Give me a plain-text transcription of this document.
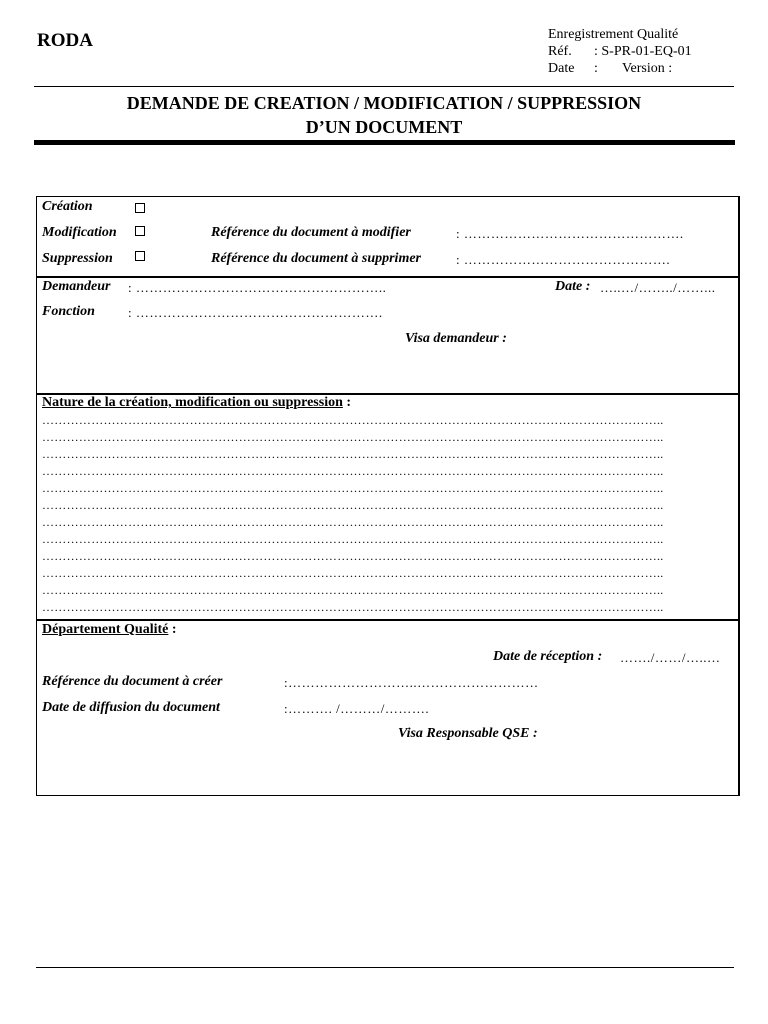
RODA	Enregistrement Qualité
Réf. : S-PR-01-EQ-01
Date : Version :
DEMANDE DE CREATION / MODIFICATION / SUPPRESSION
D’UN DOCUMENT
Création
Modification	Référence du document à modifier	: ………………………………………….
Suppression	Référence du document à supprimer	: ……………………………………….
Demandeur : ………………………………………………..	Date : …..…/……../……...
Fonction	: ……………………………………………….
Visa demandeur :
Nature de la création, modification ou suppression :
……………………………………………………………………………………………………………………………………..
……………………………………………………………………………………………………………………………………..
……………………………………………………………………………………………………………………………………..
……………………………………………………………………………………………………………………………………..
……………………………………………………………………………………………………………………………………..
……………………………………………………………………………………………………………………………………..
……………………………………………………………………………………………………………………………………..
……………………………………………………………………………………………………………………………………..
……………………………………………………………………………………………………………………………………..
……………………………………………………………………………………………………………………………………..
……………………………………………………………………………………………………………………………………..
……………………………………………………………………………………………………………………………………..
Département Qualité :
Date de réception : ……./……/…..…
Référence du document à créer	:………………………..………………………
Date de diffusion du document	:………. /………/……….
Visa Responsable QSE :
